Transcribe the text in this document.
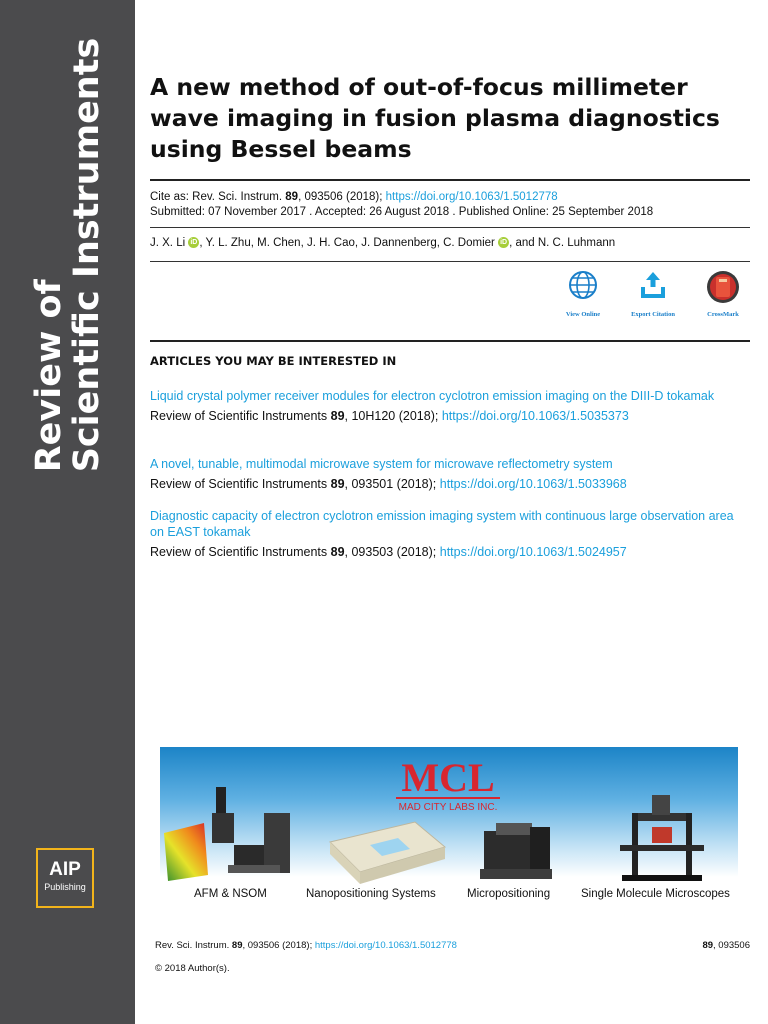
Review of
Scientific Instruments
AIP
Publishing
A new method of out-of-focus millimeter wave imaging in fusion plasma diagnostics using Bessel beams
Cite as: Rev. Sci. Instrum. 89, 093506 (2018); https://doi.org/10.1063/1.5012778
Submitted: 07 November 2017 . Accepted: 26 August 2018 . Published Online: 25 September 2018
J. X. Li iD , Y. L. Zhu, M. Chen, J. H. Cao, J. Dannenberg, C. Domier iD , and N. C. Luhmann
View Online	Export Citation	CrossMark
ARTICLES YOU MAY BE INTERESTED IN
Liquid crystal polymer receiver modules for electron cyclotron emission imaging on the DIII-D tokamak
Review of Scientific Instruments 89, 10H120 (2018); https://doi.org/10.1063/1.5035373
A novel, tunable, multimodal microwave system for microwave reflectometry system
Review of Scientific Instruments 89, 093501 (2018); https://doi.org/10.1063/1.5033968
Diagnostic capacity of electron cyclotron emission imaging system with continuous large observation area on EAST tokamak
Review of Scientific Instruments 89, 093503 (2018); https://doi.org/10.1063/1.5024957
MCL
MAD CITY LABS INC.
AFM & NSOM	Nanopositioning Systems	Micropositioning	Single Molecule Microscopes
Rev. Sci. Instrum. 89, 093506 (2018); https://doi.org/10.1063/1.5012778	89, 093506
© 2018 Author(s).
